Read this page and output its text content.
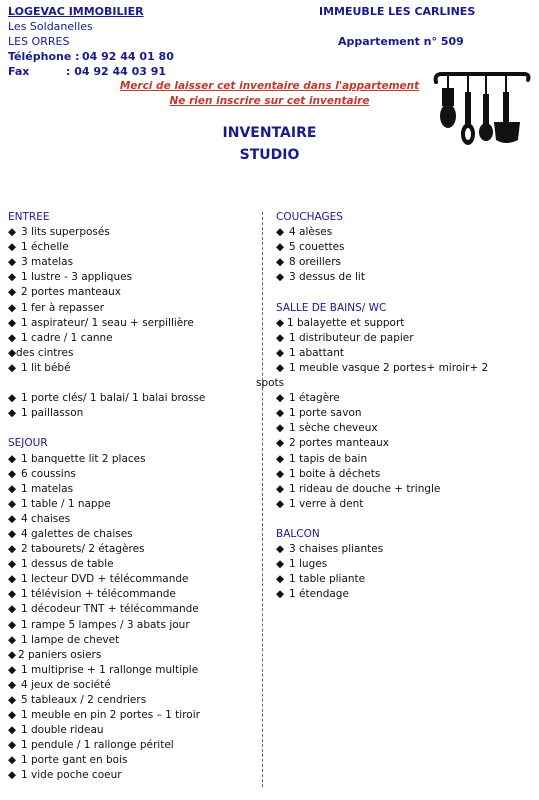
LOGEVAC IMMOBILIER
Les Soldanelles
LES ORRES
Téléphone : 04 92 44 01 80
Fax	: 04 92 44 03 91
IMMEUBLE LES CARLINES
Appartement n° 509
Merci de laisser cet inventaire dans l'appartement
Ne rien inscrire sur cet inventaire
INVENTAIRE
STUDIO
ENTREE
◆ 3 lits superposés
◆ 1 échelle
◆ 3 matelas
◆ 1 lustre - 3 appliques
◆ 2 portes manteaux
◆ 1 fer à repasser
◆ 1 aspirateur/ 1 seau + serpillière
◆ 1 cadre / 1 canne
◆des cintres
◆ 1 lit bébé
◆ 1 porte clés/ 1 balai/ 1 balai brosse
◆ 1 paillasson
SEJOUR
◆ 1 banquette lit 2 places
◆ 6 coussins
◆ 1 matelas
◆ 1 table / 1 nappe
◆ 4 chaises
◆ 4 galettes de chaises
◆ 2 tabourets/ 2 étagères
◆ 1 dessus de table
◆ 1 lecteur DVD + télécommande
◆ 1 télévision + télécommande
◆ 1 décodeur TNT + télécommande
◆ 1 rampe 5 lampes / 3 abats jour
◆ 1 lampe de chevet
◆ 2 paniers osiers
◆ 1 multiprise + 1 rallonge multiple
◆ 4 jeux de société
◆ 5 tableaux / 2 cendriers
◆ 1 meuble en pin 2 portes – 1 tiroir
◆ 1 double rideau
◆ 1 pendule / 1 rallonge péritel
◆ 1 porte gant en bois
◆ 1 vide poche coeur
COUCHAGES
◆ 4 alèses
◆ 5 couettes
◆ 8 oreillers
◆ 3 dessus de lit
SALLE DE BAINS/ WC
◆ 1 balayette et support
◆ 1 distributeur de papier
◆ 1 abattant
◆ 1 meuble vasque 2 portes+ miroir+ 2
spots
◆ 1 étagère
◆ 1 porte savon
◆ 1 sèche cheveux
◆ 2 portes manteaux
◆ 1 tapis de bain
◆ 1 boite à déchets
◆ 1 rideau de douche + tringle
◆ 1 verre à dent
BALCON
◆ 3 chaises pliantes
◆ 1 luges
◆ 1 table pliante
◆ 1 étendage
